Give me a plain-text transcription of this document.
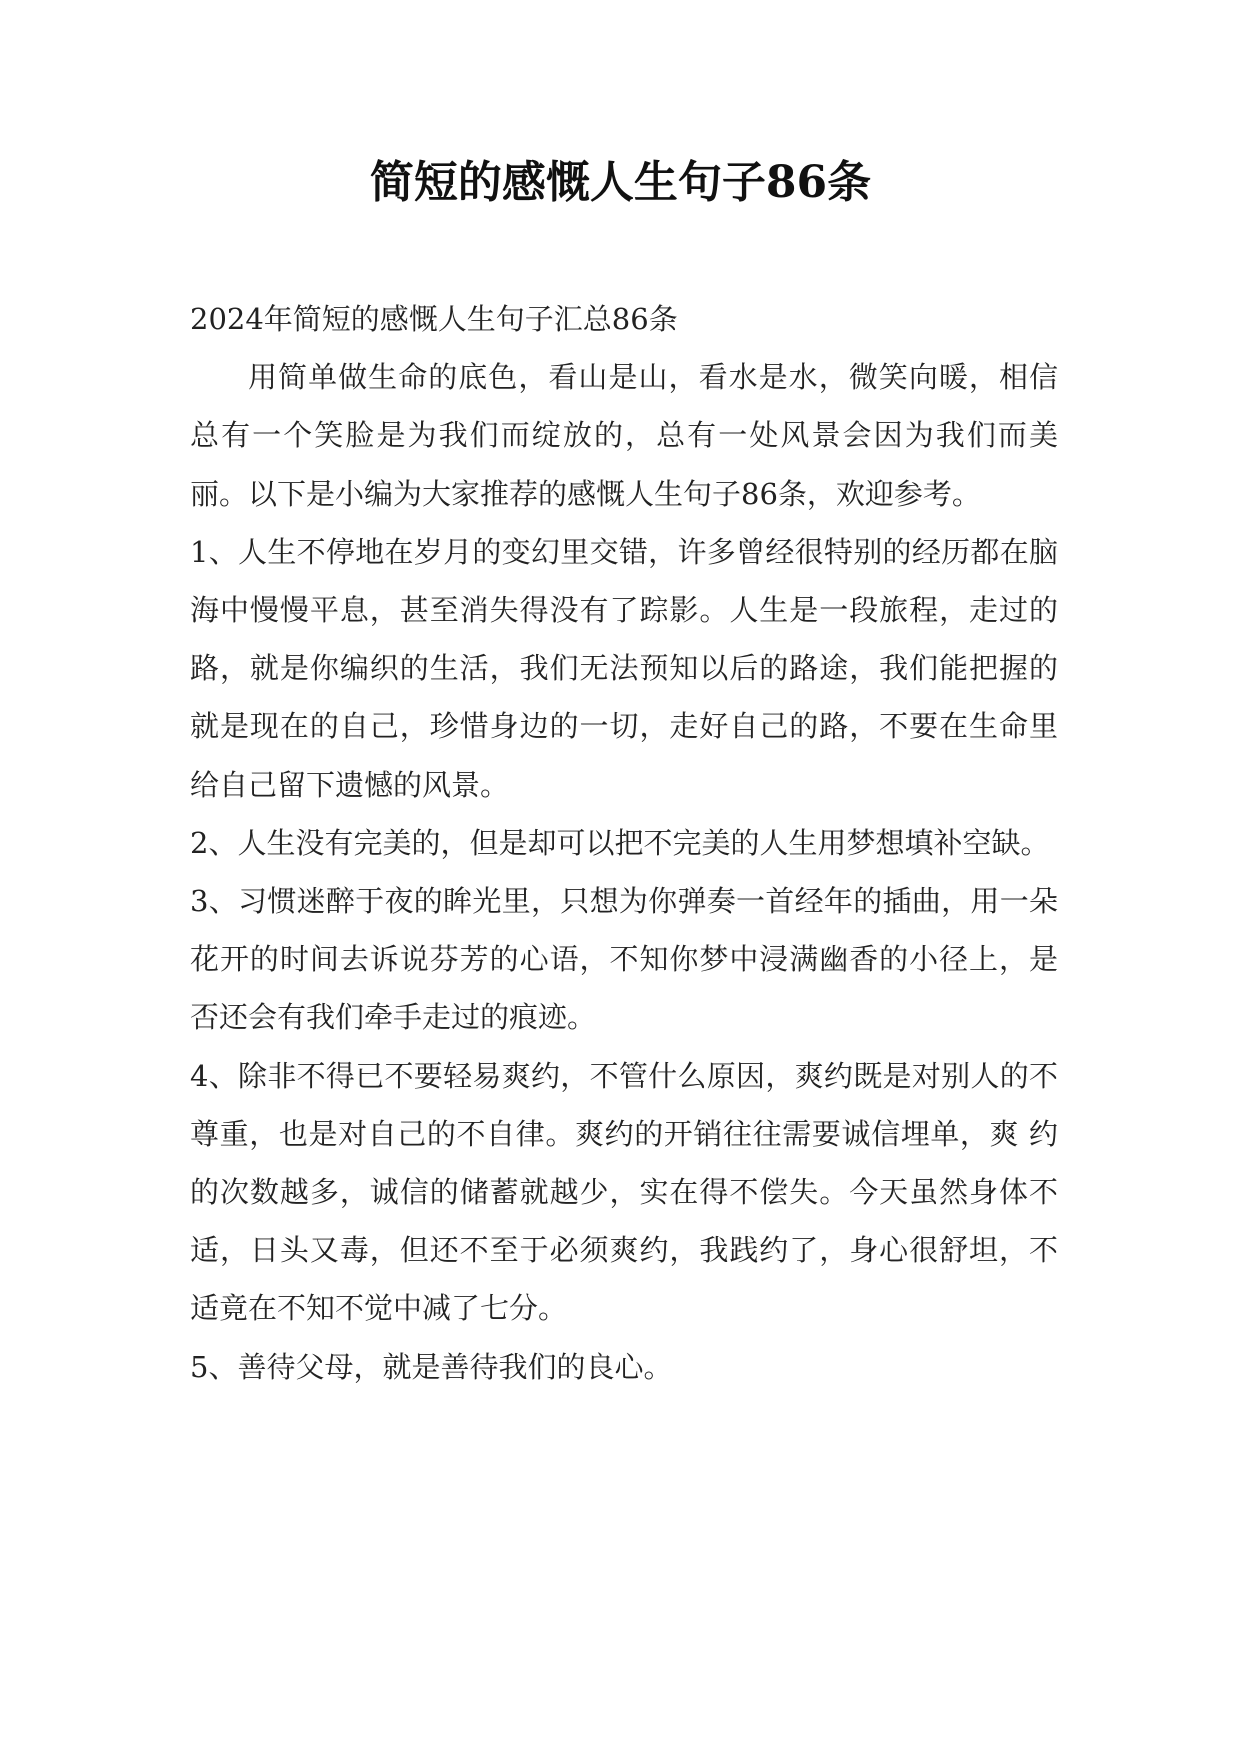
简短的感慨人生句子86条

2024年简短的感慨人生句子汇总86条

用简单做生命的底色，看山是山，看水是水，微笑向暖，相信总有一个笑脸是为我们而绽放的，总有一处风景会因为我们而美丽。以下是小编为大家推荐的感慨人生句子86条，欢迎参考。

1、人生不停地在岁月的变幻里交错，许多曾经很特别的经历都在脑海中慢慢平息，甚至消失得没有了踪影。人生是一段旅程，走过的路，就是你编织的生活，我们无法预知以后的路途，我们能把握的就是现在的自己，珍惜身边的一切，走好自己的路，不要在生命里给自己留下遗憾的风景。

2、人生没有完美的，但是却可以把不完美的人生用梦想填补空缺。

3、习惯迷醉于夜的眸光里，只想为你弹奏一首经年的插曲，用一朵花开的时间去诉说芬芳的心语，不知你梦中浸满幽香的小径上，是否还会有我们牵手走过的痕迹。

4、除非不得已不要轻易爽约，不管什么原因，爽约既是对别人的不尊重，也是对自己的不自律。爽约的开销往往需要诚信埋单，爽 约的次数越多，诚信的储蓄就越少，实在得不偿失。今天虽然身体不 适，日头又毒，但还不至于必须爽约，我践约了，身心很舒坦，不适竟在不知不觉中减了七分。

5、善待父母，就是善待我们的良心。
